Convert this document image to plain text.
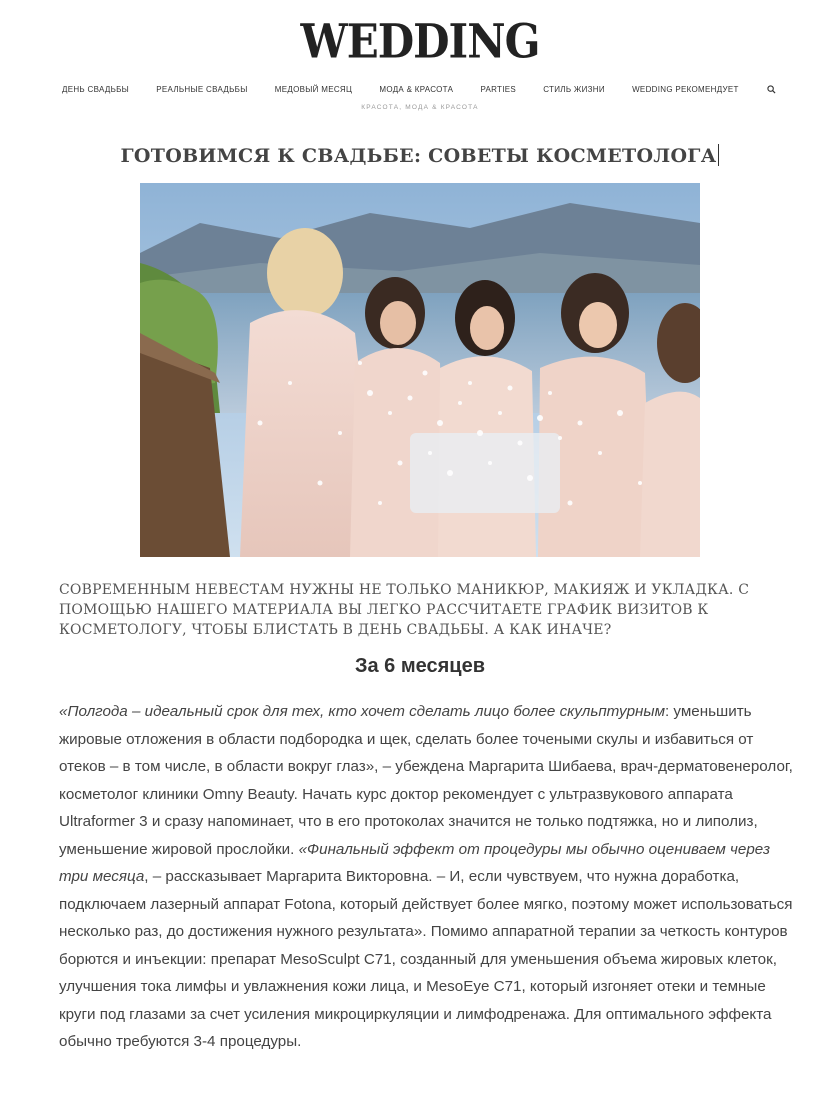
WEDDING
ДЕНЬ СВАДЬБЫ	РЕАЛЬНЫЕ СВАДЬБЫ	МЕДОВЫЙ МЕСЯЦ	МОДА & КРАСОТА	PARTIES	СТИЛЬ ЖИЗНИ	WEDDING РЕКОМЕНДУЕТ
КРАСОТА, МОДА & КРАСОТА
ГОТОВИМСЯ К СВАДЬБЕ: СОВЕТЫ КОСМЕТОЛОГА

СОВРЕМЕННЫМ НЕВЕСТАМ НУЖНЫ НЕ ТОЛЬКО МАНИКЮР, МАКИЯЖ И УКЛАДКА. С ПОМОЩЬЮ НАШЕГО МАТЕРИАЛА ВЫ ЛЕГКО РАССЧИТАЕТЕ ГРАФИК ВИЗИТОВ К КОСМЕТОЛОГУ, ЧТОБЫ БЛИСТАТЬ В ДЕНЬ СВАДЬБЫ. А КАК ИНАЧЕ?

За 6 месяцев

«Полгода – идеальный срок для тех, кто хочет сделать лицо более скульптурным: уменьшить жировые отложения в области подбородка и щек, сделать более точеными скулы и избавиться от отеков – в том числе, в области вокруг глаз», – убеждена Маргарита Шибаева, врач-дерматовенеролог, косметолог клиники Omny Beauty. Начать курс доктор рекомендует с ультразвукового аппарата Ultraformer 3 и сразу напоминает, что в его протоколах значится не только подтяжка, но и липолиз, уменьшение жировой прослойки. «Финальный эффект от процедуры мы обычно оцениваем через три месяца, – рассказывает Маргарита Викторовна. – И, если чувствуем, что нужна доработка, подключаем лазерный аппарат Fotona, который действует более мягко, поэтому может использоваться несколько раз, до достижения нужного результата». Помимо аппаратной терапии за четкость контуров борются и инъекции: препарат MesoSculpt C71, созданный для уменьшения объема жировых клеток, улучшения тока лимфы и увлажнения кожи лица, и MesoEye C71, который изгоняет отеки и темные круги под глазами за счет усиления микроциркуляции и лимфодренажа. Для оптимального эффекта обычно требуются 3-4 процедуры.
